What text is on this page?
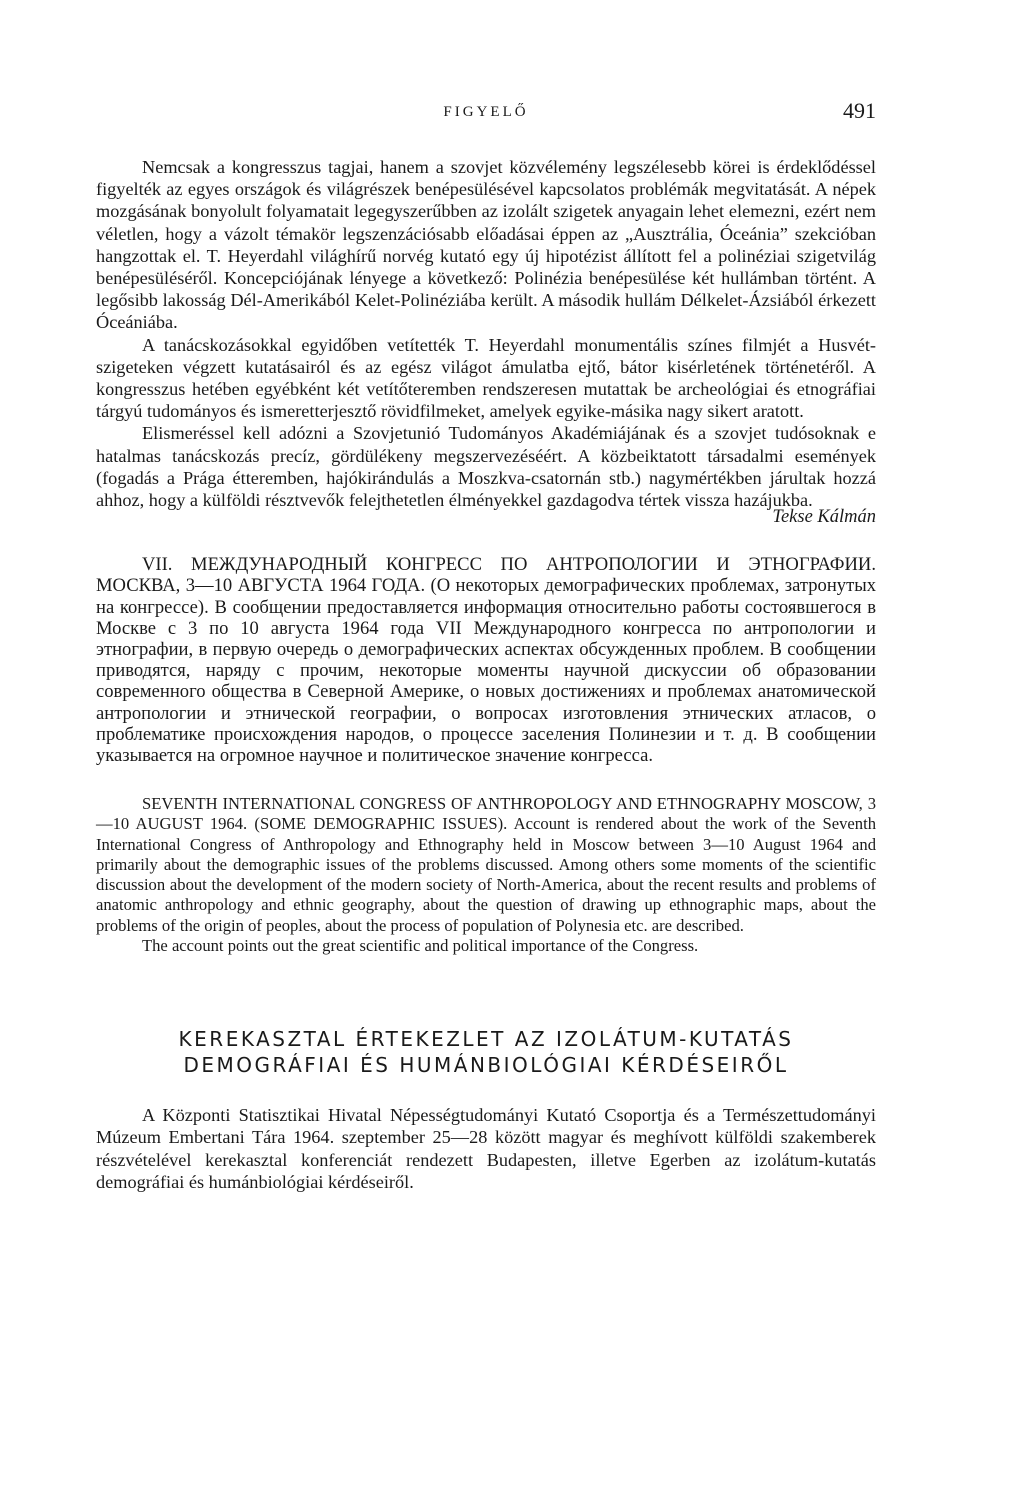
FIGYELŐ	491

Nemcsak a kongresszus tagjai, hanem a szovjet közvélemény legszélesebb körei is érdeklődéssel figyelték az egyes országok és világrészek benépesülésével kapcsolatos problémák megvitatását. A népek mozgásának bonyolult folyamatait legegyszerűbben az izolált szigetek anyagain lehet elemezni, ezért nem véletlen, hogy a vázolt témakör legszenzációsabb előadásai éppen az „Ausztrália, Óceánia” szekcióban hangzottak el. T. Heyerdahl világhírű norvég kutató egy új hipotézist állított fel a polinéziai szigetvilág benépesüléséről. Koncepciójának lényege a következő: Polinézia benépesülése két hullámban történt. A legősibb lakosság Dél-Amerikából Kelet-Polinéziába került. A második hullám Délkelet-Ázsiából érkezett Óceániába.

A tanácskozásokkal egyidőben vetítették T. Heyerdahl monumentális színes filmjét a Husvét-szigeteken végzett kutatásairól és az egész világot ámulatba ejtő, bátor kisérletének történetéről. A kongresszus hetében egyébként két vetítőteremben rendszeresen mutattak be archeológiai és etnográfiai tárgyú tudományos és ismeretterjesztő rövidfilmeket, amelyek egyike-másika nagy sikert aratott.

Elismeréssel kell adózni a Szovjetunió Tudományos Akadémiájának és a szovjet tudósoknak e hatalmas tanácskozás precíz, gördülékeny megszervezéséért. A közbeiktatott társadalmi események (fogadás a Prága étteremben, hajókirándulás a Moszkva-csatornán stb.) nagymértékben járultak hozzá ahhoz, hogy a külföldi résztvevők felejthetetlen élményekkel gazdagodva tértek vissza hazájukba.

Tekse Kálmán

VII. МЕЖДУНАРОДНЫЙ КОНГРЕСС ПО АНТРОПОЛОГИИ И ЭТНОГРАФИИ. МОСКВА, 3—10 АВГУСТА 1964 ГОДА. (О некоторых демографических проблемах, затронутых на конгрессе). В сообщении предоставляется информация относительно работы состоявшегося в Москве с 3 по 10 августа 1964 года VII Международного конгресса по антропологии и этнографии, в первую очередь о демографических аспектах обсужденных проблем. В сообщении приводятся, наряду с прочим, некоторые моменты научной дискуссии об образовании современного общества в Северной Америке, о новых достижениях и проблемах анатомической антропологии и этнической географии, о вопросах изготовления этнических атласов, о проблематике происхождения народов, о процессе заселения Полинезии и т. д. В сообщении указывается на огромное научное и политическое значение конгресса.

SEVENTH INTERNATIONAL CONGRESS OF ANTHROPOLOGY AND ETHNOGRAPHY MOSCOW, 3—10 AUGUST 1964. (SOME DEMOGRAPHIC ISSUES). Account is rendered about the work of the Seventh International Congress of Anthropology and Ethnography held in Moscow between 3—10 August 1964 and primarily about the demographic issues of the problems discussed. Among others some moments of the scientific discussion about the development of the modern society of North-America, about the recent results and problems of anatomic anthropology and ethnic geography, about the question of drawing up ethnographic maps, about the problems of the origin of peoples, about the process of population of Polynesia etc. are described.

The account points out the great scientific and political importance of the Congress.

KEREKASZTAL ÉRTEKEZLET AZ IZOLÁTUM-KUTATÁS
DEMOGRÁFIAI ÉS HUMÁNBIOLÓGIAI KÉRDÉSEIRŐL

A Központi Statisztikai Hivatal Népességtudományi Kutató Csoportja és a Természettudományi Múzeum Embertani Tára 1964. szeptember 25—28 között magyar és meghívott külföldi szakemberek részvételével kerekasztal konferenciát rendezett Budapesten, illetve Egerben az izolátum-kutatás demográfiai és humánbiológiai kérdéseiről.
